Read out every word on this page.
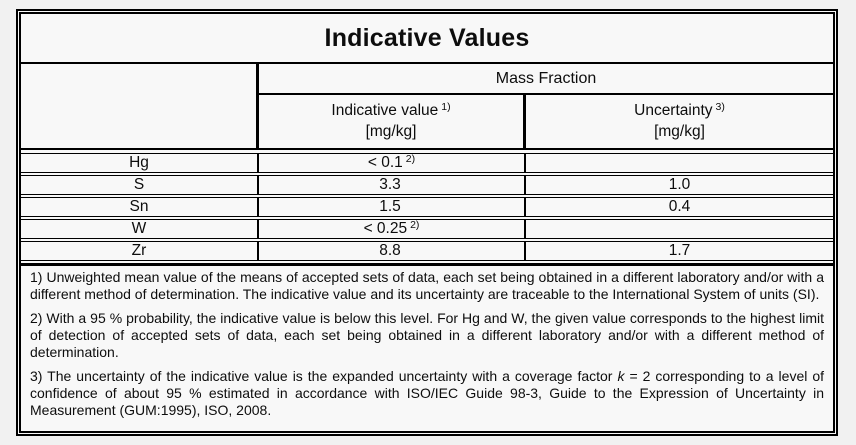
Indicative Values
Mass Fraction
Indicative value $^{1)}$
[mg/kg]
Uncertainty $^{3)}$
[mg/kg]
Hg	< 0.1 $^{2)}$
S	3.3	1.0
Sn	1.5	0.4
W	< 0.25 $^{2)}$
Zr	8.8	1.7

1) Unweighted mean value of the means of accepted sets of data, each set being obtained in a different laboratory and/or with a different method of determination. The indicative value and its uncertainty are traceable to the International System of units (SI).

2) With a 95 % probability, the indicative value is below this level. For Hg and W, the given value corresponds to the highest limit of detection of accepted sets of data, each set being obtained in a different laboratory and/or with a different method of determination.

3) The uncertainty of the indicative value is the expanded uncertainty with a coverage factor k = 2 corresponding to a level of confidence of about 95 % estimated in accordance with ISO/IEC Guide 98-3, Guide to the Expression of Uncertainty in Measurement (GUM:1995), ISO, 2008.
